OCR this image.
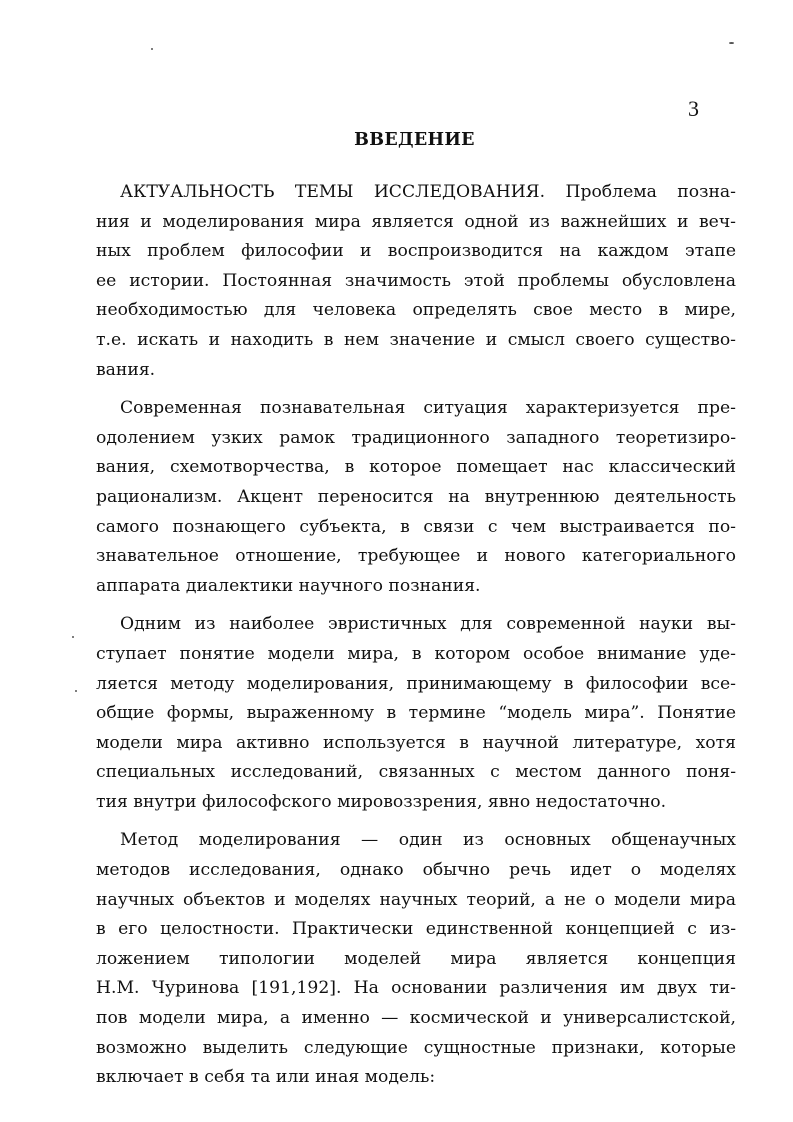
3
ВВЕДЕНИЕ
АКТУАЛЬНОСТЬ ТЕМЫ ИССЛЕДОВАНИЯ. Проблема позна-
ния и моделирования мира является одной из важнейших и веч-
ных проблем философии и воспроизводится на каждом этапе
ее истории. Постоянная значимость этой проблемы обусловлена
необходимостью для человека определять свое место в мире,
т.е. искать и находить в нем значение и смысл своего существо-
вания.
Современная познавательная ситуация характеризуется пре-
одолением узких рамок традиционного западного теоретизиро-
вания, схемотворчества, в которое помещает нас классический
рационализм. Акцент переносится на внутреннюю деятельность
самого познающего субъекта, в связи с чем выстраивается по-
знавательное отношение, требующее и нового категориального
аппарата диалектики научного познания.
Одним из наиболее эвристичных для современной науки вы-
ступает понятие модели мира, в котором особое внимание уде-
ляется методу моделирования, принимающему в философии все-
общие формы, выраженному в термине “модель мира”. Понятие
модели мира активно используется в научной литературе, хотя
специальных исследований, связанных с местом данного поня-
тия внутри философского мировоззрения, явно недостаточно.
Метод моделирования — один из основных общенаучных
методов исследования, однако обычно речь идет о моделях
научных объектов и моделях научных теорий, а не о модели мира
в его целостности. Практически единственной концепцией с из-
ложением типологии моделей мира является концепция
Н.М. Чуринова [191,192]. На основании различения им двух ти-
пов модели мира, а именно — космической и универсалистской,
возможно выделить следующие сущностные признаки, которые
включает в себя та или иная модель:
